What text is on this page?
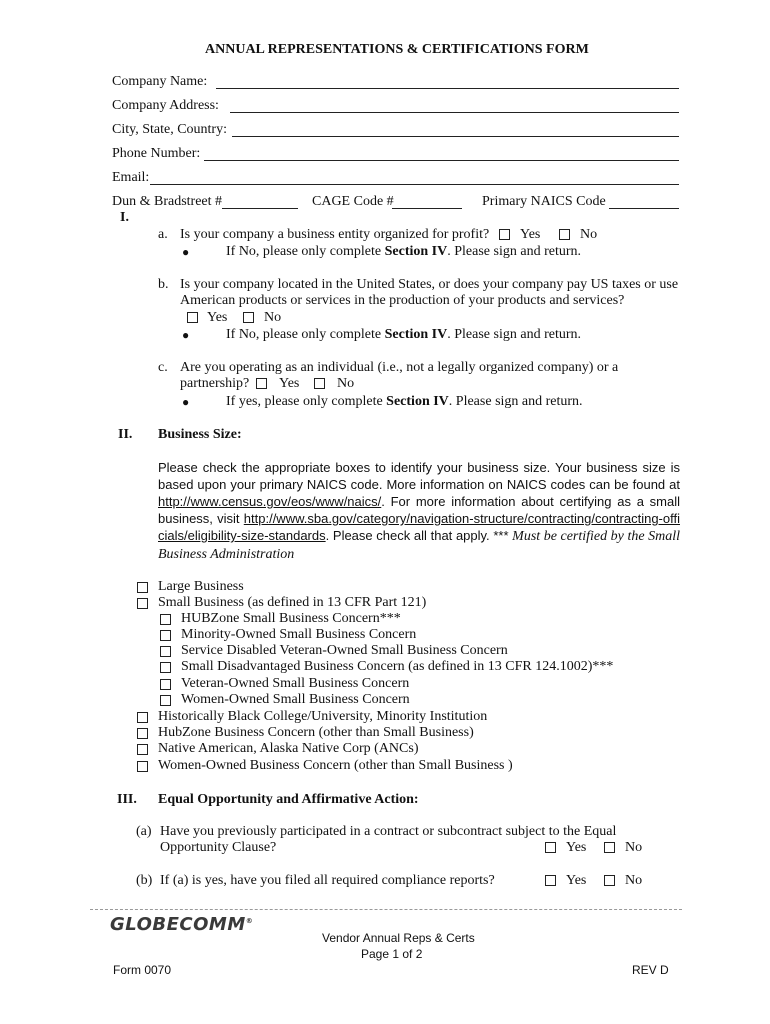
ANNUAL REPRESENTATIONS & CERTIFICATIONS FORM
Company Name:
Company Address:
City, State, Country:
Phone Number:
Email:
Dun & Bradstreet #	CAGE Code #	Primary NAICS Code
I.
a. Is your company a business entity organized for profit? Yes	No
●	If No, please only complete Section IV. Please sign and return.
b. Is your company located in the United States, or does your company pay US taxes or use
American products or services in the production of your products and services?
Yes	No
●	If No, please only complete Section IV. Please sign and return.
c. Are you operating as an individual (i.e., not a legally organized company) or a
partnership? Yes	No
●	If yes, please only complete Section IV. Please sign and return.
II. Business Size:
Please check the appropriate boxes to identify your business size. Your business size is based upon your primary NAICS code. More information on NAICS codes can be found at http://www.census.gov/eos/www/naics/. For more information about certifying as a small business, visit http://www.sba.gov/category/navigation-structure/contracting/contracting-officials/eligibility-size-standards. Please check all that apply. *** Must be certified by the Small Business Administration
Large Business
Small Business (as defined in 13 CFR Part 121)
HUBZone Small Business Concern***
Minority-Owned Small Business Concern
Service Disabled Veteran-Owned Small Business Concern
Small Disadvantaged Business Concern (as defined in 13 CFR 124.1002)***
Veteran-Owned Small Business Concern
Women-Owned Small Business Concern
Historically Black College/University, Minority Institution
HubZone Business Concern (other than Small Business)
Native American, Alaska Native Corp (ANCs)
Women-Owned Business Concern (other than Small Business )
III. Equal Opportunity and Affirmative Action:
(a) Have you previously participated in a contract or subcontract subject to the Equal
Opportunity Clause?	Yes	No
(b) If (a) is yes, have you filed all required compliance reports?	Yes	No
GLOBECOMM®
Vendor Annual Reps & Certs
Page 1 of 2
Form 0070	REV D
